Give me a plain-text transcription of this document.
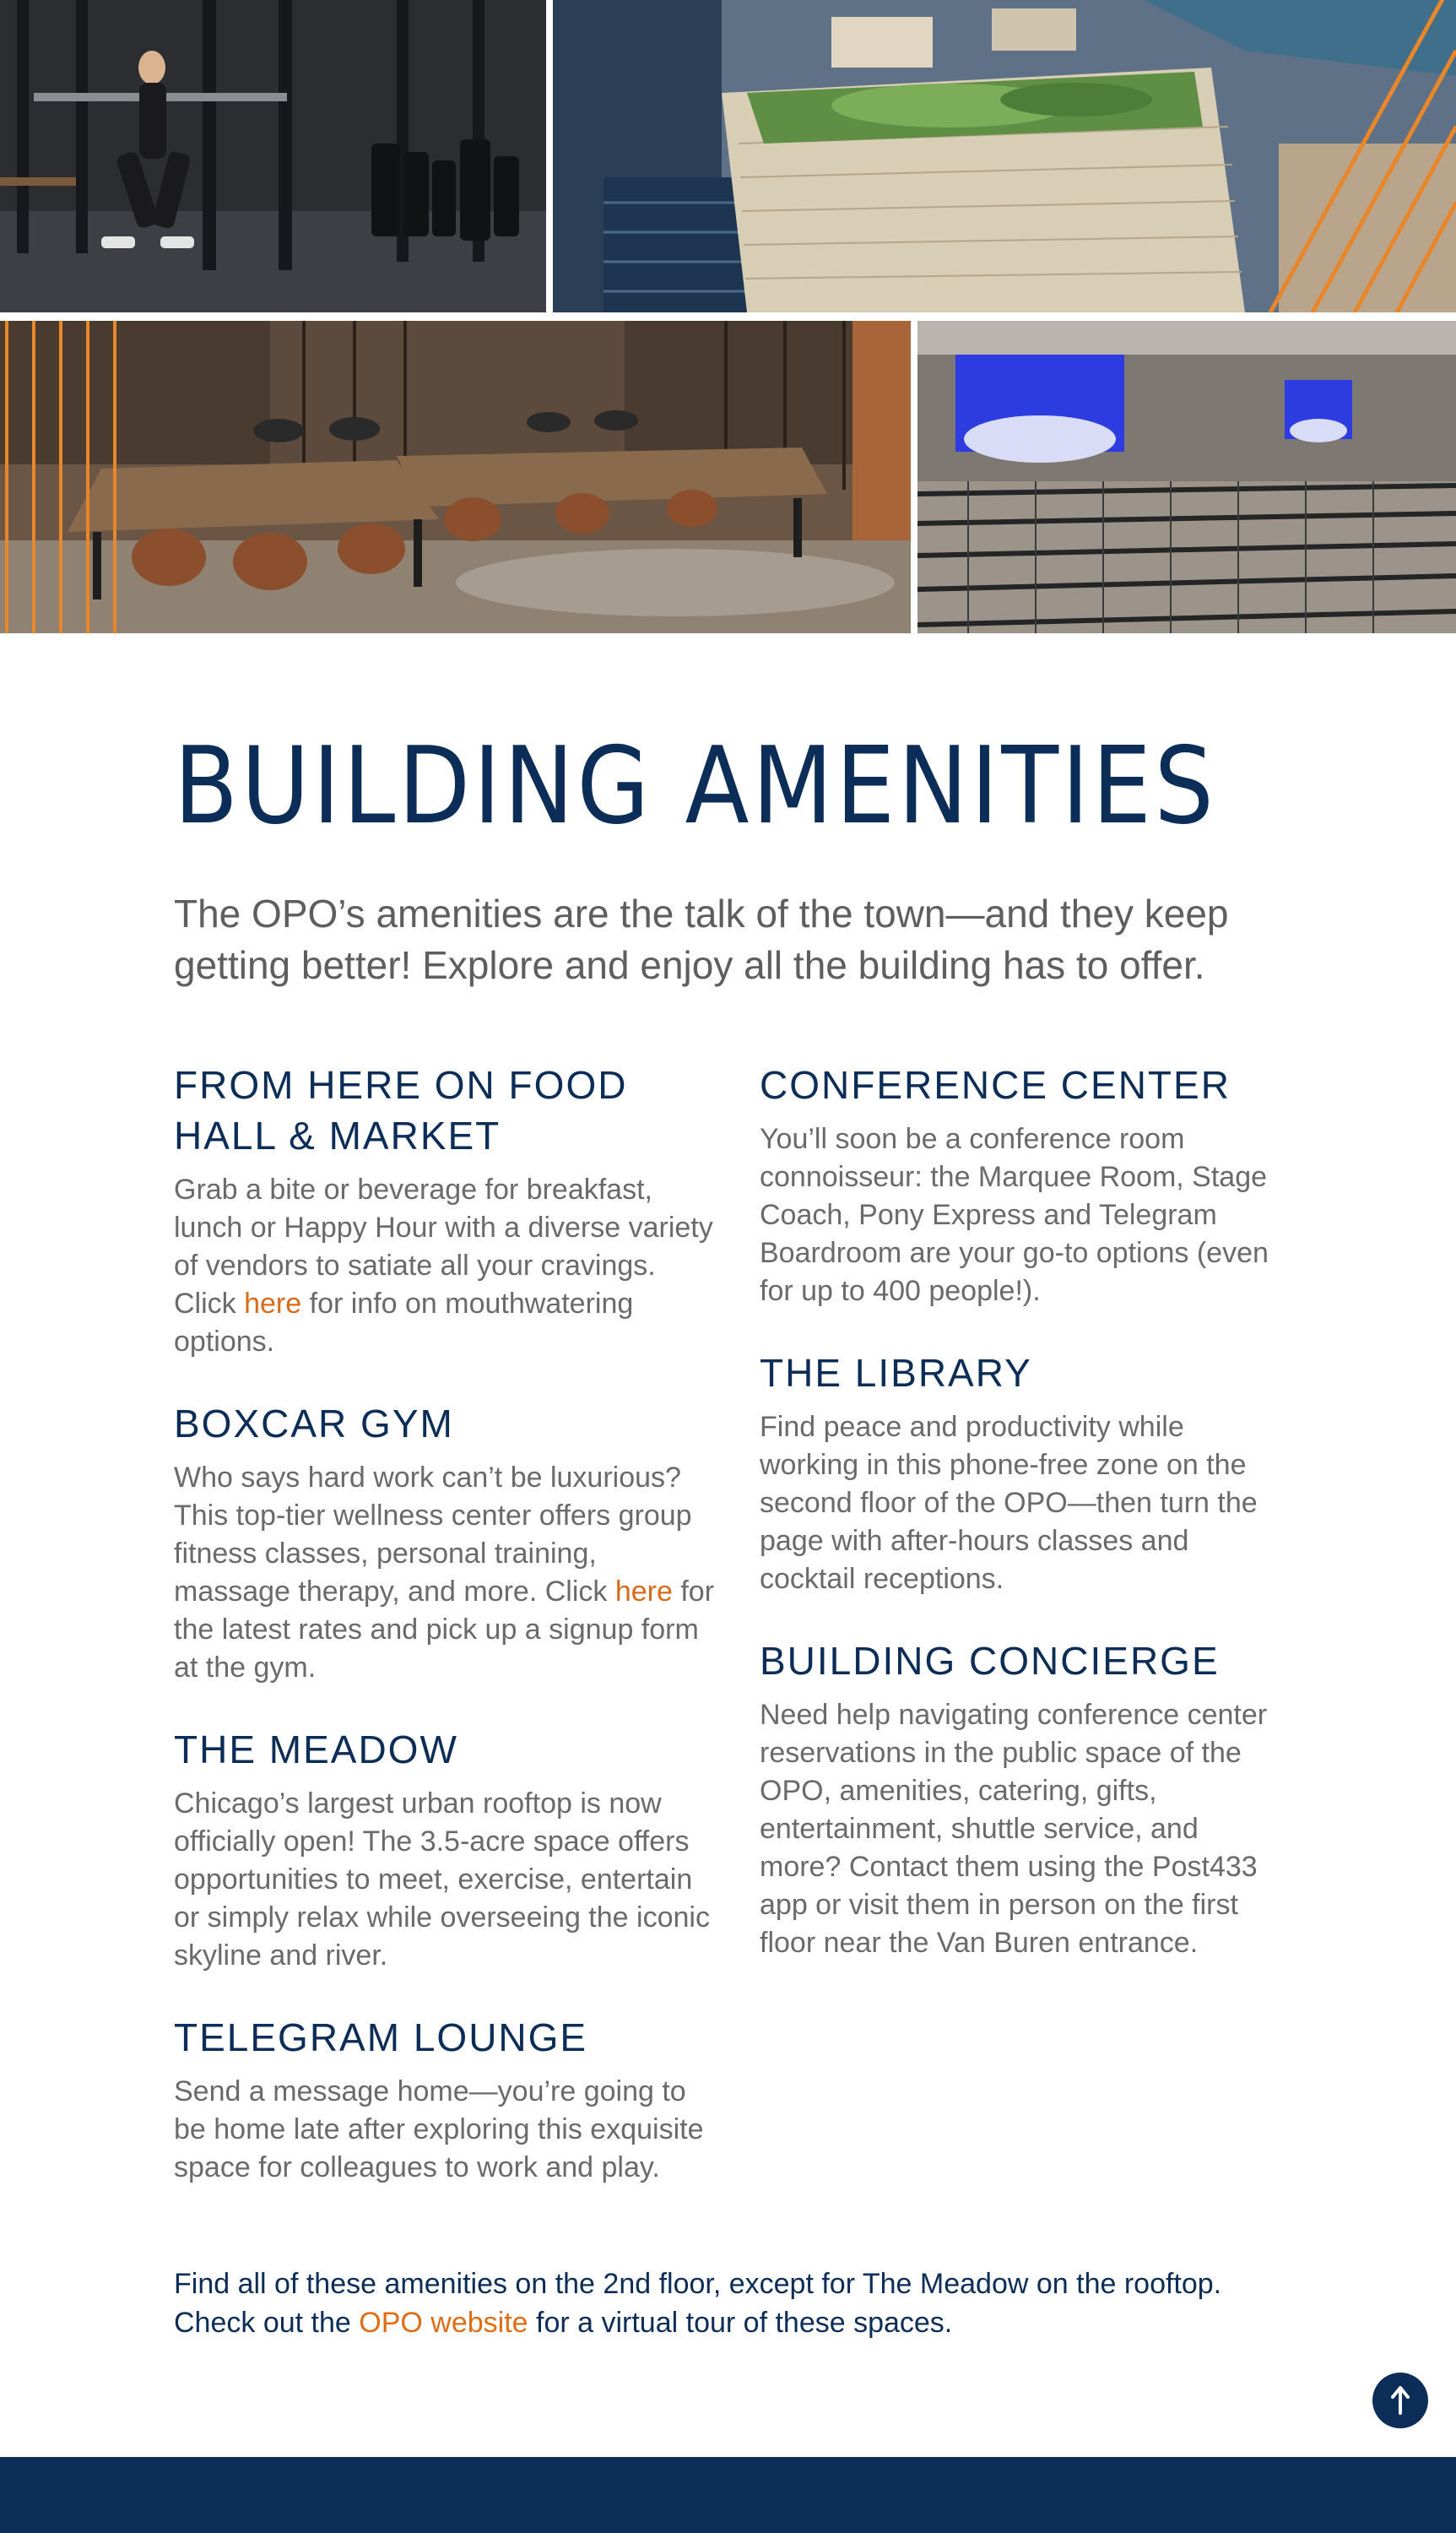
BUILDING AMENITIES

The OPO’s amenities are the talk of the town—and they keep getting better! Explore and enjoy all the building has to offer.

FROM HERE ON FOOD HALL & MARKET

Grab a bite or beverage for breakfast, lunch or Happy Hour with a diverse variety of vendors to satiate all your cravings. Click here for info on mouthwatering options.

BOXCAR GYM

Who says hard work can’t be luxurious? This top-tier wellness center offers group fitness classes, personal training, massage therapy, and more. Click here for the latest rates and pick up a signup form at the gym.

THE MEADOW

Chicago’s largest urban rooftop is now officially open! The 3.5-acre space offers opportunities to meet, exercise, entertain or simply relax while overseeing the iconic skyline and river.

TELEGRAM LOUNGE

Send a message home—you’re going to be home late after exploring this exquisite space for colleagues to work and play.

CONFERENCE CENTER

You’ll soon be a conference room connoisseur: the Marquee Room, Stage Coach, Pony Express and Telegram Boardroom are your go-to options (even for up to 400 people!).

THE LIBRARY

Find peace and productivity while working in this phone-free zone on the second floor of the OPO—then turn the page with after-hours classes and cocktail receptions.

BUILDING CONCIERGE

Need help navigating conference center reservations in the public space of the OPO, amenities, catering, gifts, entertainment, shuttle service, and more? Contact them using the Post433 app or visit them in person on the first floor near the Van Buren entrance.

Find all of these amenities on the 2nd floor, except for The Meadow on the rooftop.
Check out the OPO website for a virtual tour of these spaces.
